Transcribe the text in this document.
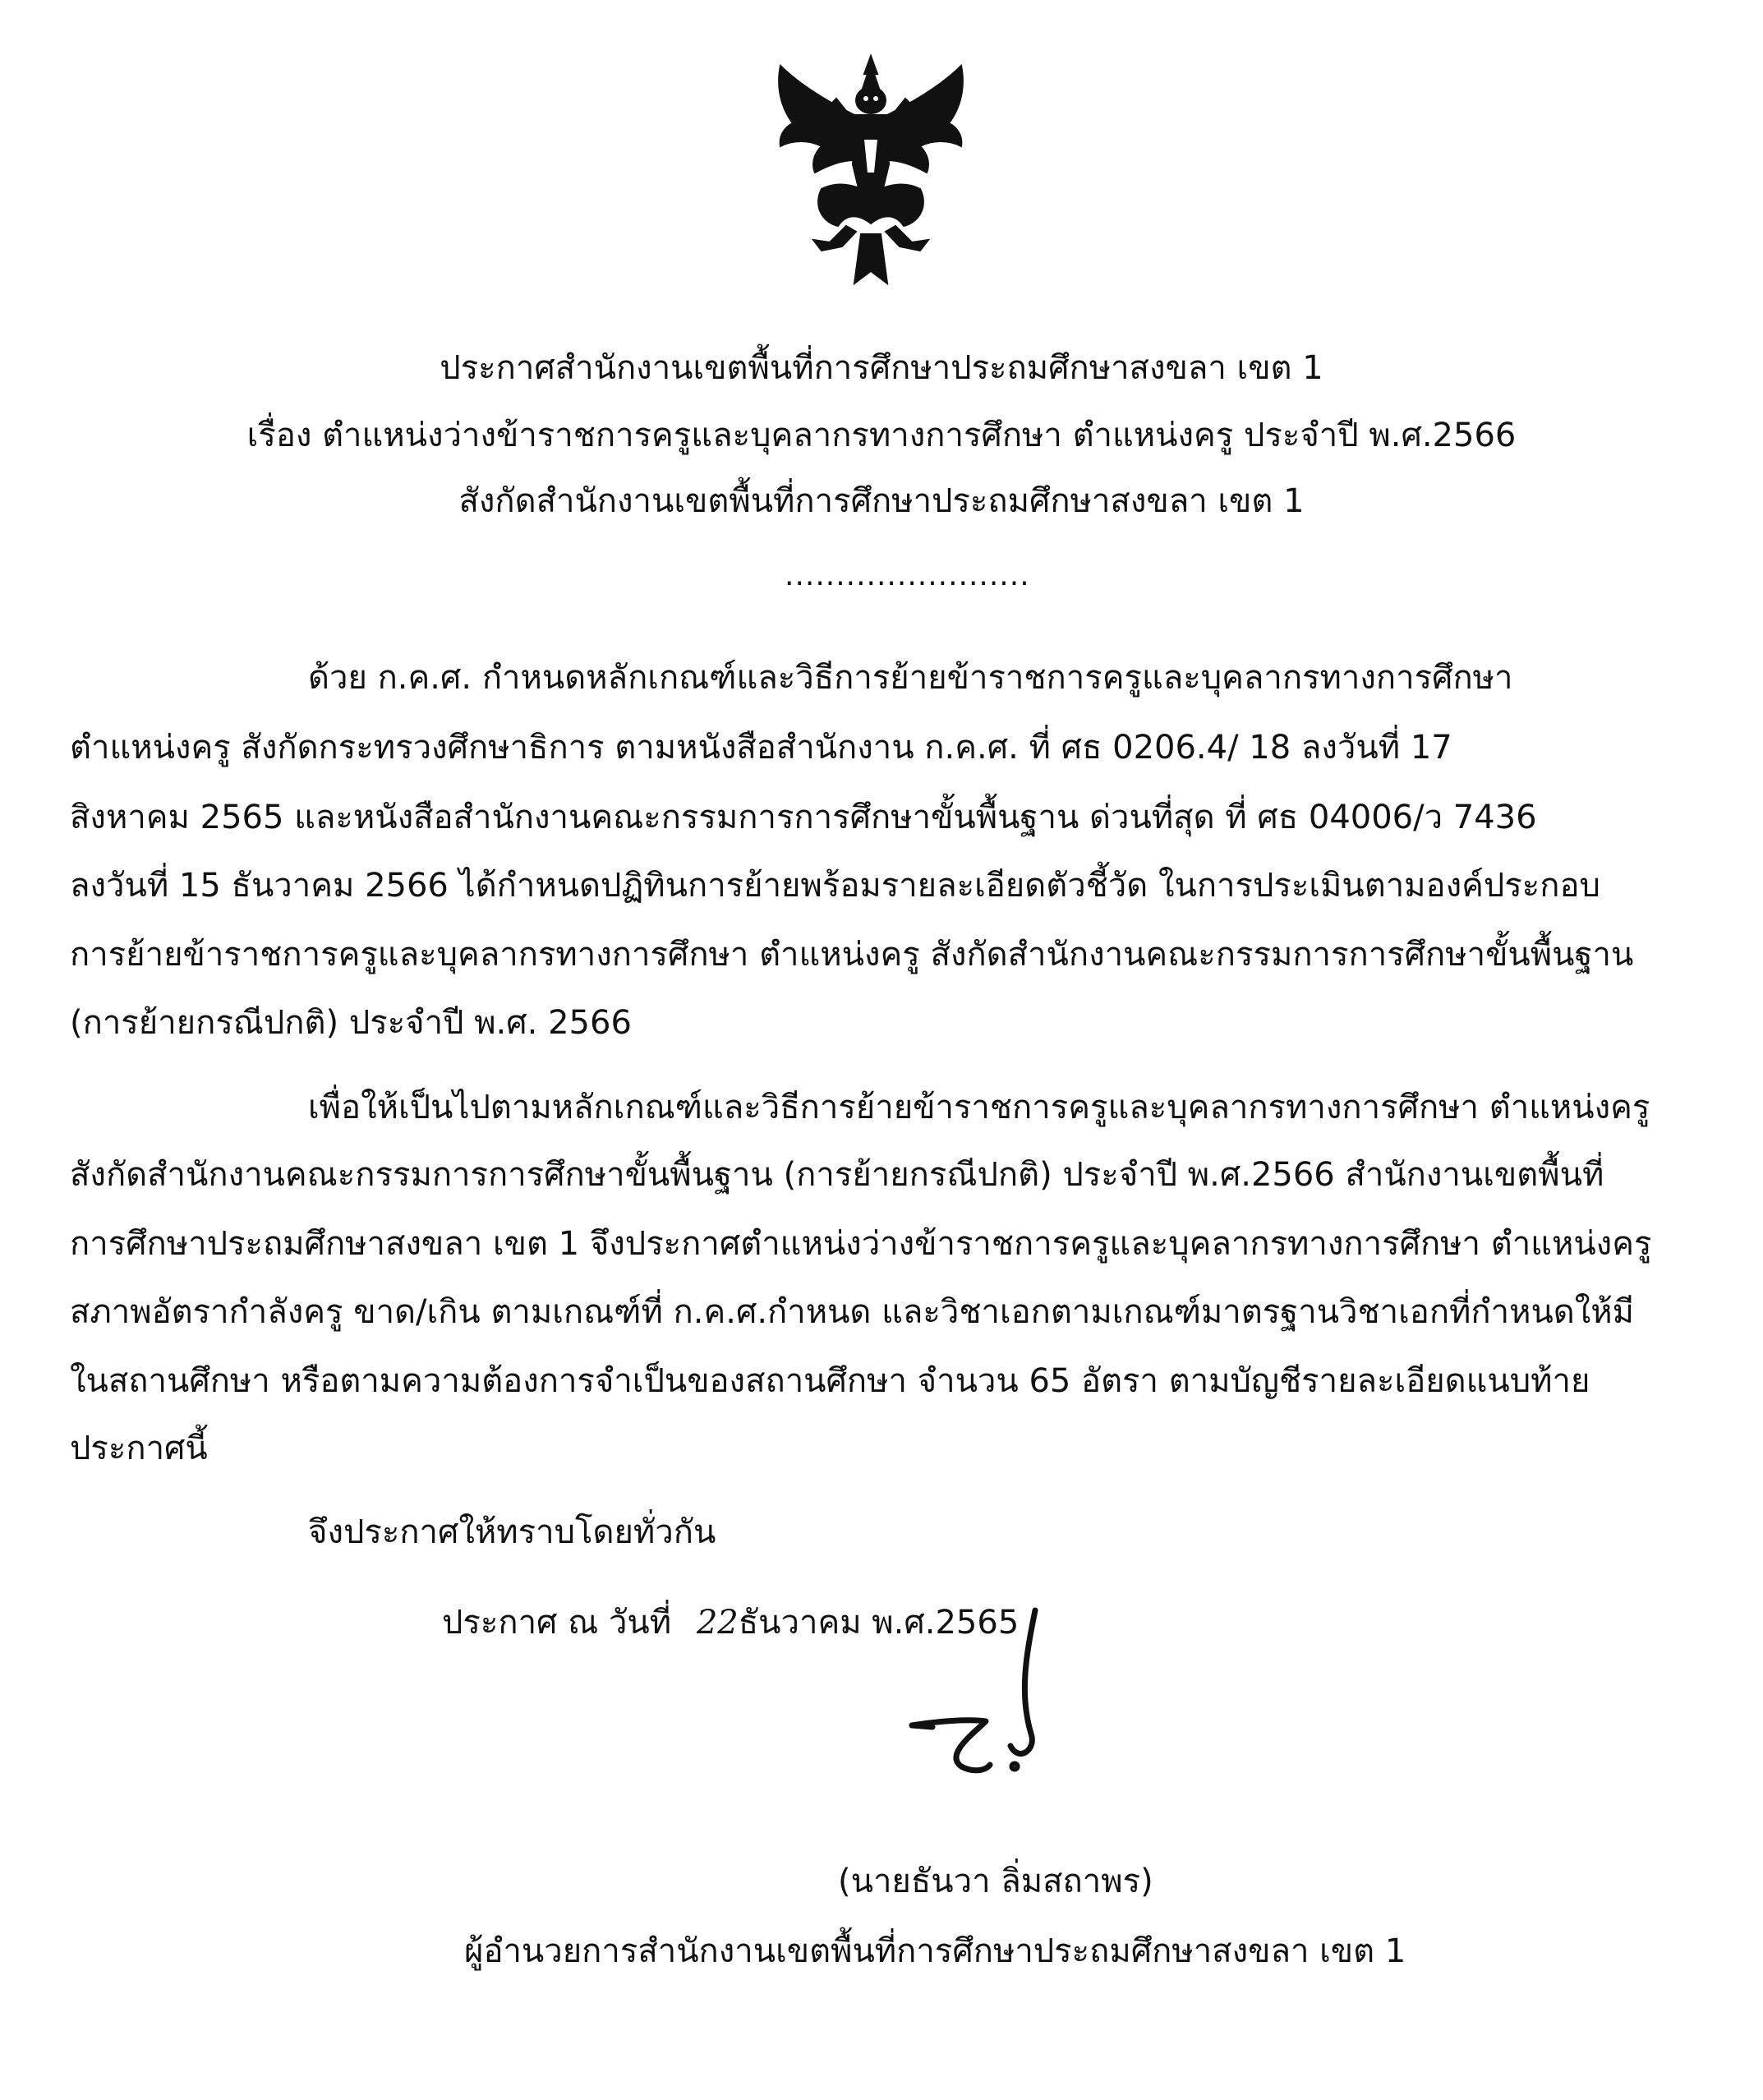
ประกาศสำนักงานเขตพื้นที่การศึกษาประถมศึกษาสงขลา เขต 1
เรื่อง ตำแหน่งว่างข้าราชการครูและบุคลากรทางการศึกษา ตำแหน่งครู ประจำปี พ.ศ.2566
สังกัดสำนักงานเขตพื้นที่การศึกษาประถมศึกษาสงขลา เขต 1
........................
ด้วย ก.ค.ศ. กำหนดหลักเกณฑ์และวิธีการย้ายข้าราชการครูและบุคลากรทางการศึกษา
ตำแหน่งครู สังกัดกระทรวงศึกษาธิการ ตามหนังสือสำนักงาน ก.ค.ศ. ที่ ศธ 0206.4/ 18 ลงวันที่ 17
สิงหาคม 2565 และหนังสือสำนักงานคณะกรรมการการศึกษาขั้นพื้นฐาน ด่วนที่สุด ที่ ศธ 04006/ว 7436
ลงวันที่ 15 ธันวาคม 2566 ได้กำหนดปฏิทินการย้ายพร้อมรายละเอียดตัวชี้วัด ในการประเมินตามองค์ประกอบ
การย้ายข้าราชการครูและบุคลากรทางการศึกษา ตำแหน่งครู สังกัดสำนักงานคณะกรรมการการศึกษาขั้นพื้นฐาน
(การย้ายกรณีปกติ) ประจำปี พ.ศ. 2566
เพื่อให้เป็นไปตามหลักเกณฑ์และวิธีการย้ายข้าราชการครูและบุคลากรทางการศึกษา ตำแหน่งครู
สังกัดสำนักงานคณะกรรมการการศึกษาขั้นพื้นฐาน (การย้ายกรณีปกติ) ประจำปี พ.ศ.2566 สำนักงานเขตพื้นที่
การศึกษาประถมศึกษาสงขลา เขต 1 จึงประกาศตำแหน่งว่างข้าราชการครูและบุคลากรทางการศึกษา ตำแหน่งครู
สภาพอัตรากำลังครู ขาด/เกิน ตามเกณฑ์ที่ ก.ค.ศ.กำหนด และวิชาเอกตามเกณฑ์มาตรฐานวิชาเอกที่กำหนดให้มี
ในสถานศึกษา หรือตามความต้องการจำเป็นของสถานศึกษา จำนวน 65 อัตรา ตามบัญชีรายละเอียดแนบท้าย
ประกาศนี้
จึงประกาศให้ทราบโดยทั่วกัน
ประกาศ ณ วันที่ 22ธันวาคม พ.ศ.2565
(นายธันวา ลิ่มสถาพร)
ผู้อำนวยการสำนักงานเขตพื้นที่การศึกษาประถมศึกษาสงขลา เขต 1
